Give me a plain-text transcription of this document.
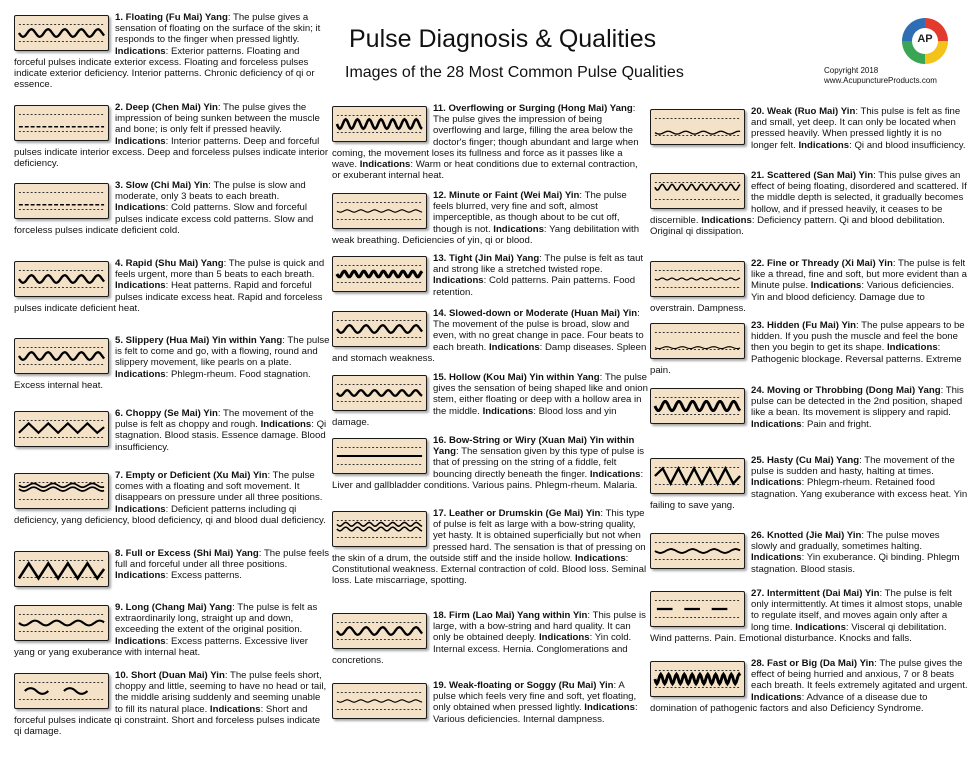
Pulse Diagnosis & Qualities
Images of the 28 Most Common Pulse Qualities
AP
Copyright 2018
www.AcupunctureProducts.com
1. Floating (Fu Mai) Yang: The pulse gives a sensation of floating on the surface of the skin; it responds to the finger when pressed lightly. Indications: Exterior patterns. Floating and forceful pulses indicate exterior excess. Floating and forceless pulses indicate exterior deficiency. Interior patterns. Chronic deficiency of qi or essence.
2. Deep (Chen Mai) Yin: The pulse gives the impression of being sunken between the muscle and bone; is only felt if pressed heavily. Indications: Interior patterns. Deep and forceful pulses indicate interior excess. Deep and forceless pulses indicate interior deficiency.
3. Slow (Chi Mai) Yin: The pulse is slow and moderate, only 3 beats to each breath. Indications: Cold patterns. Slow and forceful pulses indicate excess cold patterns. Slow and forceless pulses indicate deficient cold.
4. Rapid (Shu Mai) Yang: The pulse is quick and feels urgent, more than 5 beats to each breath. Indications: Heat patterns. Rapid and forceful pulses indicate excess heat. Rapid and forceless pulses indicate deficient heat.
5. Slippery (Hua Mai) Yin within Yang: The pulse is felt to come and go, with a flowing, round and slippery movement, like pearls on a plate. Indications: Phlegm-rheum. Food stagnation. Excess internal heat.
6. Choppy (Se Mai) Yin: The movement of the pulse is felt as choppy and rough. Indications: Qi stagnation. Blood stasis. Essence damage. Blood insufficiency.
7. Empty or Deficient (Xu Mai) Yin: The pulse comes with a floating and soft movement. It disappears on pressure under all three positions. Indications: Deficient patterns including qi deficiency, yang deficiency, blood deficiency, qi and blood dual deficiency.
8. Full or Excess (Shi Mai) Yang: The pulse feels full and forceful under all three positions. Indications: Excess patterns.
9. Long (Chang Mai) Yang: The pulse is felt as extraordinarily long, straight up and down, exceeding the extent of the original position. Indications: Excess patterns. Excessive liver yang or yang exuberance with internal heat.
10. Short (Duan Mai) Yin: The pulse feels short, choppy and little, seeming to have no head or tail, the middle arising suddenly and seeming unable to fill its natural place. Indications: Short and forceful pulses indicate qi constraint. Short and forceless pulses indicate qi damage.
11. Overflowing or Surging (Hong Mai) Yang: The pulse gives the impression of being overflowing and large, filling the area below the doctor's finger; though abundant and large when coming, the movement loses its fullness and force as it passes like a wave. Indications: Warm or heat conditions due to external contraction, or exuberant internal heat.
12. Minute or Faint (Wei Mai) Yin: The pulse feels blurred, very fine and soft, almost imperceptible, as though about to be cut off, though is not. Indications: Yang debilitation with weak breathing. Deficiencies of yin, qi or blood.
13. Tight (Jin Mai) Yang: The pulse is felt as taut and strong like a stretched twisted rope. Indications: Cold patterns. Pain patterns. Food retention.
14. Slowed-down or Moderate (Huan Mai) Yin: The movement of the pulse is broad, slow and even, with no great change in pace. Four beats to each breath. Indications: Damp diseases. Spleen and stomach weakness.
15. Hollow (Kou Mai) Yin within Yang: The pulse gives the sensation of being shaped like and onion stem, either floating or deep with a hollow area in the middle. Indications: Blood loss and yin damage.
16. Bow-String or Wiry (Xuan Mai) Yin within Yang: The sensation given by this type of pulse is that of pressing on the string of a fiddle, felt bouncing directly beneath the finger. Indications: Liver and gallbladder conditions. Various pains. Phlegm-rheum. Malaria.
17. Leather or Drumskin (Ge Mai) Yin: This type of pulse is felt as large with a bow-string quality, yet hasty. It is obtained superficially but not when pressed hard. The sensation is that of pressing on the skin of a drum, the outside stiff and the inside hollow. Indications: Constitutional weakness. External contraction of cold. Blood loss. Seminal loss. Late miscarriage, spotting.
18. Firm (Lao Mai) Yang within Yin: This pulse is large, with a bow-string and hard quality. It can only be obtained deeply. Indications: Yin cold. Internal excess. Hernia. Conglomerations and concretions.
19. Weak-floating or Soggy (Ru Mai) Yin: A pulse which feels very fine and soft, yet floating, only obtained when pressed lightly. Indications: Various deficiencies. Internal dampness.
20. Weak (Ruo Mai) Yin: This pulse is felt as fine and small, yet deep. It can only be located when pressed heavily. When pressed lightly it is no longer felt. Indications: Qi and blood insufficiency.
21. Scattered (San Mai) Yin: This pulse gives an effect of being floating, disordered and scattered. If the middle depth is selected, it gradually becomes hollow, and if pressed heavily, it ceases to be discernible. Indications: Deficiency pattern. Qi and blood debilitation. Original qi dissipation.
22. Fine or Thready (Xi Mai) Yin: The pulse is felt like a thread, fine and soft, but more evident than a Minute pulse. Indications: Various deficiencies. Yin and blood deficiency. Damage due to overstrain. Dampness.
23. Hidden (Fu Mai) Yin: The pulse appears to be hidden. If you push the muscle and feel the bone then you begin to get its shape. Indications: Pathogenic blockage. Reversal patterns. Extreme pain.
24. Moving or Throbbing (Dong Mai) Yang: This pulse can be detected in the 2nd position, shaped like a bean. Its movement is slippery and rapid. Indications: Pain and fright.
25. Hasty (Cu Mai) Yang: The movement of the pulse is sudden and hasty, halting at times. Indications: Phlegm-rheum. Retained food stagnation. Yang exuberance with excess heat. Yin failing to save yang.
26. Knotted (Jie Mai) Yin: The pulse moves slowly and gradually, sometimes halting. Indications: Yin exuberance. Qi binding. Phlegm stagnation. Blood stasis.
27. Intermittent (Dai Mai) Yin: The pulse is felt only intermittently. At times it almost stops, unable to regulate itself, and moves again only after a long time. Indications: Visceral qi debilitation. Wind patterns. Pain. Emotional disturbance. Knocks and falls.
28. Fast or Big (Da Mai) Yin: The pulse gives the effect of being hurried and anxious, 7 or 8 beats each breath. It feels extremely agitated and urgent. Indications: Advance of a disease due to domination of pathogenic factors and also Deficiency Syndrome.
